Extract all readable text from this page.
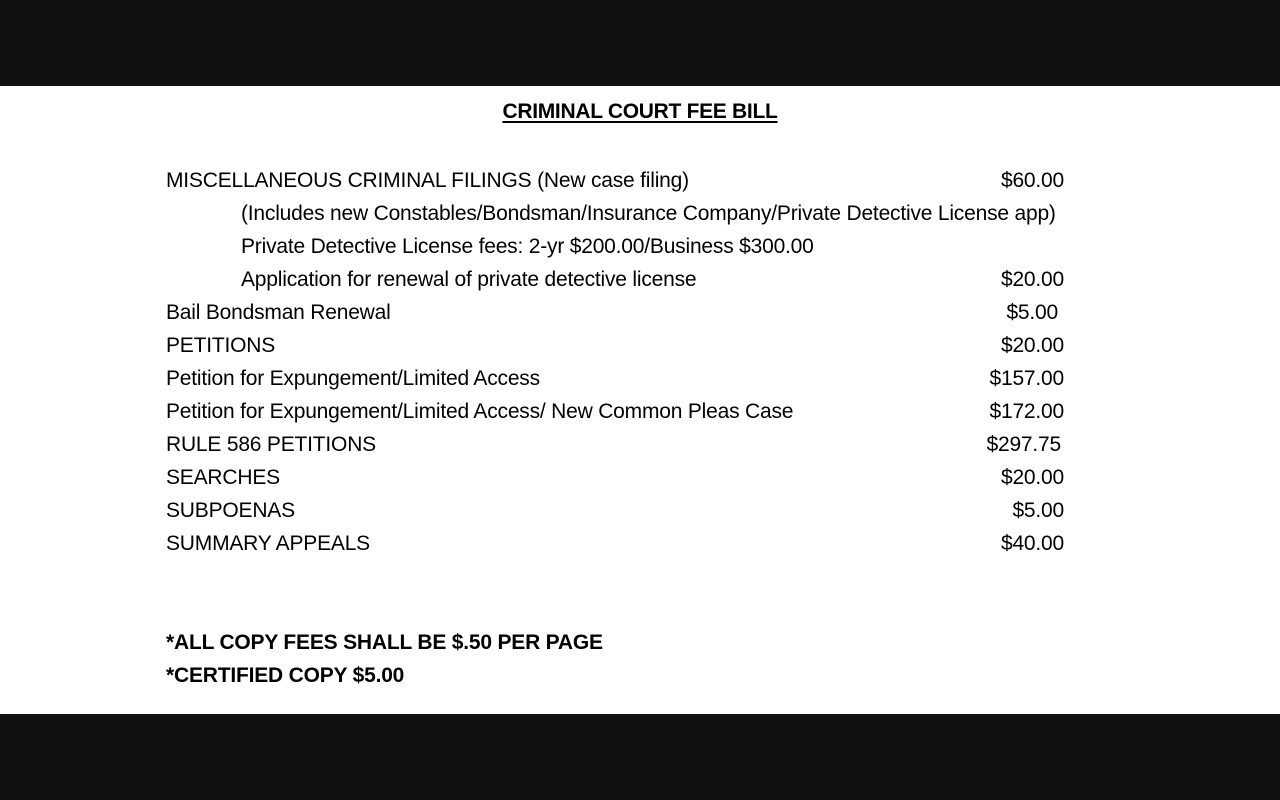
CRIMINAL COURT FEE BILL
MISCELLANEOUS CRIMINAL FILINGS (New case filing)	$60.00
(Includes new Constables/Bondsman/Insurance Company/Private Detective License app)
Private Detective License fees: 2-yr $200.00/Business $300.00
Application for renewal of private detective license	$20.00
Bail Bondsman Renewal	$5.00
PETITIONS	$20.00
Petition for Expungement/Limited Access	$157.00
Petition for Expungement/Limited Access/ New Common Pleas Case	$172.00
RULE 586 PETITIONS	$297.75
SEARCHES	$20.00
SUBPOENAS	$5.00
SUMMARY APPEALS	$40.00
*ALL COPY FEES SHALL BE $.50 PER PAGE
*CERTIFIED COPY $5.00
